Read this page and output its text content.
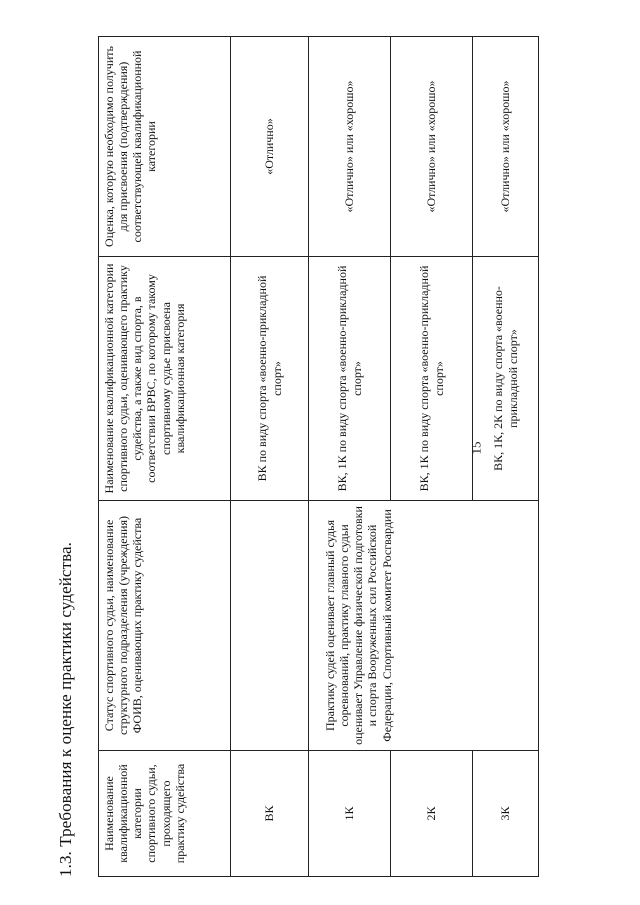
15
1.3. Требования к оценке практики судейства. Наименование квалификационной категории спортивного судьи, проходящего практику судейства	Статус спортивного судьи, наименование структурного подразделения (учреждения) ФОИВ, оценивающих практику судейства	Наименование квалификационной категории спортивного судьи, оценивающего практику судейства, а также вид спорта, в соответствии ВРВС, по которому такому спортивному судье присвоена квалификационная категория	Оценка, которую необходимо получить для присвоения (подтверждения) соответствующей квалификационной категории
ВК		ВК по виду спорта «военно-прикладной спорт»	«Отлично»
1К	Практику судей оценивает главный судья соревнований, практику главного судьи оценивает Управление физической подготовки и спорта Вооруженных сил Российской Федерации, Спортивный комитет Росгвардии	ВК, 1К по виду спорта «военно-прикладной спорт»	«Отлично» или «хорошо»
2К		ВК, 1К по виду спорта «военно-прикладной спорт»	«Отлично» или «хорошо»
3К		ВК, 1К, 2К по виду спорта «военно-прикладной спорт»	«Отлично» или «хорошо»
